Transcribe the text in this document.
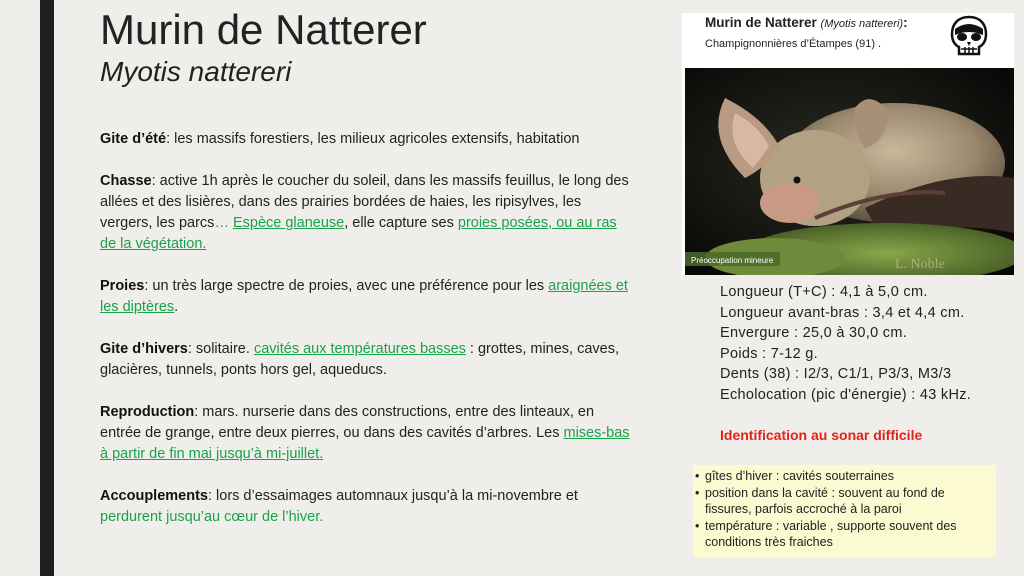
Murin de Natterer
Myotis nattereri

Gite d’été: les massifs forestiers, les milieux agricoles extensifs, habitation

Chasse: active 1h après le coucher du soleil, dans les massifs feuillus, le long des allées et des lisières, dans des prairies bordées de haies, les ripisylves, les vergers, les parcs… Espèce glaneuse, elle capture ses proies posées, ou au ras de la végétation.

Proies: un très large spectre de proies, avec une préférence pour les araignées et les diptères.

Gite d’hivers: solitaire. cavités aux températures basses : grottes, mines, caves, glacières, tunnels, ponts hors gel, aqueducs.

Reproduction: mars. nurserie dans des constructions, entre des linteaux, en entrée de grange, entre deux pierres, ou dans des cavités d’arbres. Les mises-bas à partir de fin mai jusqu’à mi-juillet.

Accouplements: lors d’essaimages automnaux jusqu’à la mi-novembre et perdurent jusqu’au cœur de l’hiver.

Murin de Natterer (Myotis nattereri):
Champignonnières d’Étampes (91) .
Préoccupation mineure	L. Noble
Longueur (T+C) : 4,1 à 5,0 cm.
Longueur avant-bras : 3,4 et 4,4 cm.
Envergure : 25,0 à 30,0 cm.
Poids : 7-12 g.
Dents (38) : I2/3, C1/1, P3/3, M3/3
Echolocation (pic d'énergie) : 43 kHz.
Identification au sonar difficile
• gîtes d’hiver : cavités souterraines
• position dans la cavité : souvent au fond de fissures, parfois accroché à la paroi
• température : variable , supporte souvent des conditions très fraiches
